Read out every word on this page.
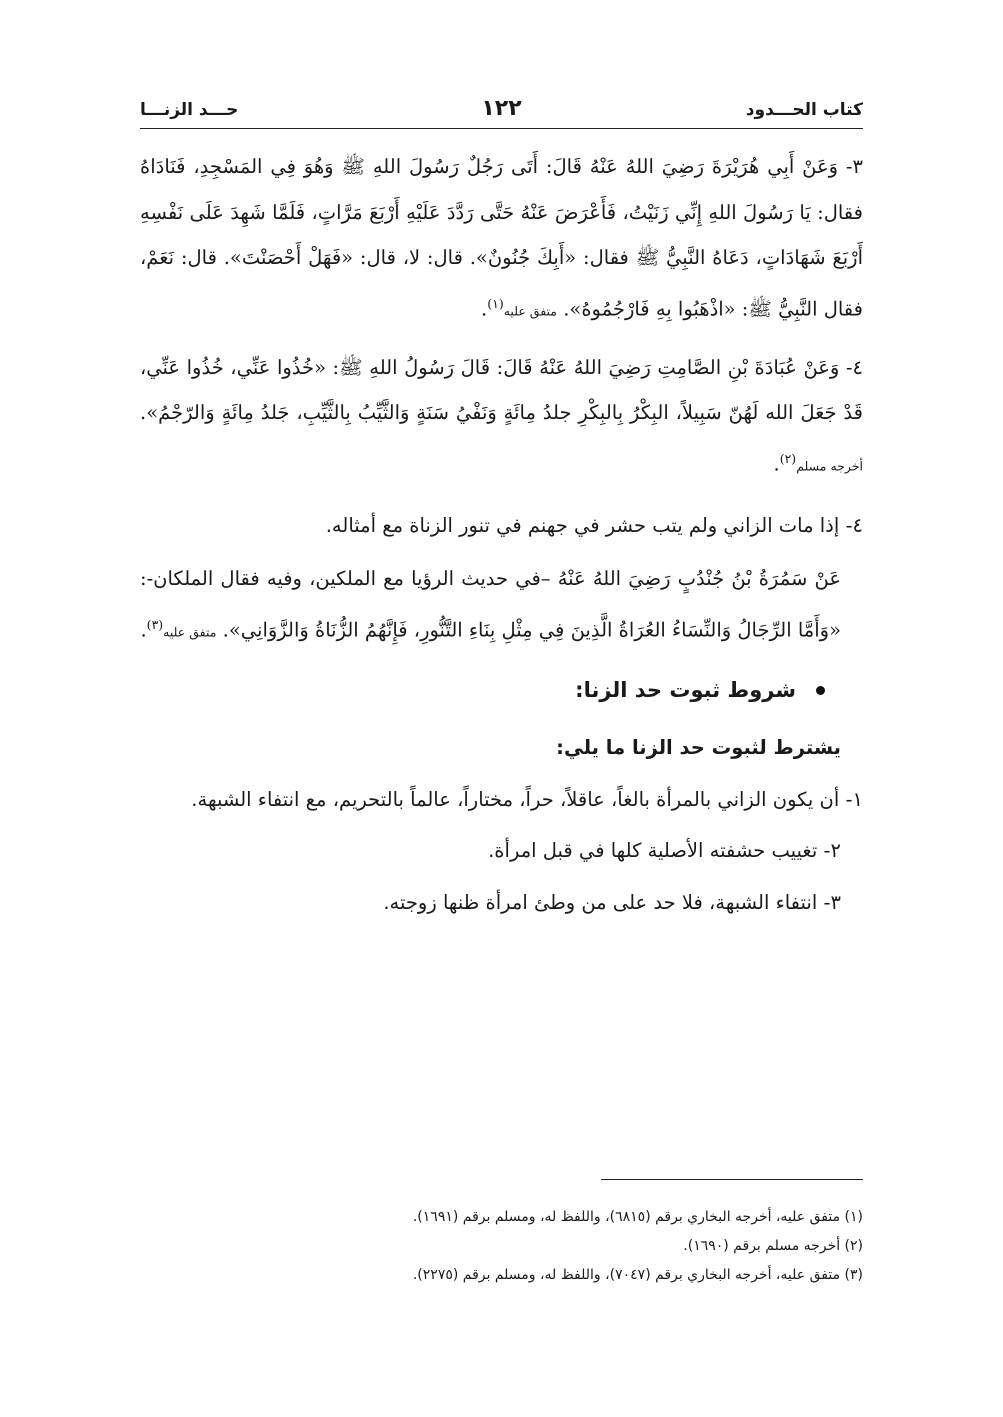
كتاب الحـــدود
١٢٢
حـــد الزنـــا

٣- وَعَنْ أَبِي هُرَيْرَةَ رَضِيَ اللهُ عَنْهُ قَالَ: أَتَى رَجُلٌ رَسُولَ اللهِ ﷺ وَهُوَ فِي المَسْجِدِ، فَنَادَاهُ فقال: يَا رَسُولَ اللهِ إِنِّي زَنَيْتُ، فَأَعْرَضَ عَنْهُ حَتَّى رَدَّدَ عَلَيْهِ أَرْبَعَ مَرَّاتٍ، فَلَمَّا شَهِدَ عَلَى نَفْسِهِ أَرْبَعَ شَهَادَاتٍ، دَعَاهُ النَّبِيُّ ﷺ فقال: «أَبِكَ جُنُونٌ». قال: لا، قال: «فَهَلْ أَحْصَنْتَ». قال: نَعَمْ، فقال النَّبِيُّ ﷺ: «اذْهَبُوا بِهِ فَارْجُمُوهُ». متفق عليه$^{(١)}$.

٤- وَعَنْ عُبَادَةَ بْنِ الصَّامِتِ رَضِيَ اللهُ عَنْهُ قَالَ: قَالَ رَسُولُ اللهِ ﷺ: «خُذُوا عَنِّي، خُذُوا عَنِّي، قَدْ جَعَلَ الله لَهُنّ سَبِيلاً، البِكْرُ بِالبِكْرِ جلدُ مِائَةٍ وَنَفْيُ سَنَةٍ وَالثَّيِّبُ بِالثَّيِّبِ، جَلدُ مِائَةٍ وَالرّجْمُ». أخرجه مسلم$^{(٢)}$.

٤- إذا مات الزاني ولم يتب حشر في جهنم في تنور الزناة مع أمثاله.

عَنْ سَمُرَةُ بْنُ جُنْدُبٍ رَضِيَ اللهُ عَنْهُ –في حديث الرؤيا مع الملكين، وفيه فقال الملكان-: «وَأَمَّا الرِّجَالُ وَالنِّسَاءُ العُرَاةُ الَّذِينَ فِي مِثْلِ بِنَاءِ التَّنُّورِ، فَإِنَّهُمُ الزُّنَاةُ وَالزَّوَانِي». متفق عليه$^{(٣)}$.

شروط ثبوت حد الزنا:

يشترط لثبوت حد الزنا ما يلي:

١- أن يكون الزاني بالمرأة بالغاً، عاقلاً، حراً، مختاراً، عالماً بالتحريم، مع انتفاء الشبهة.

٢- تغييب حشفته الأصلية كلها في قبل امرأة.

٣- انتفاء الشبهة، فلا حد على من وطئ امرأة ظنها زوجته.

(١) متفق عليه، أخرجه البخاري برقم (٦٨١٥)، واللفظ له، ومسلم برقم (١٦٩١).

(٢) أخرجه مسلم برقم (١٦٩٠).

(٣) متفق عليه، أخرجه البخاري برقم (٧٠٤٧)، واللفظ له، ومسلم برقم (٢٢٧٥).
